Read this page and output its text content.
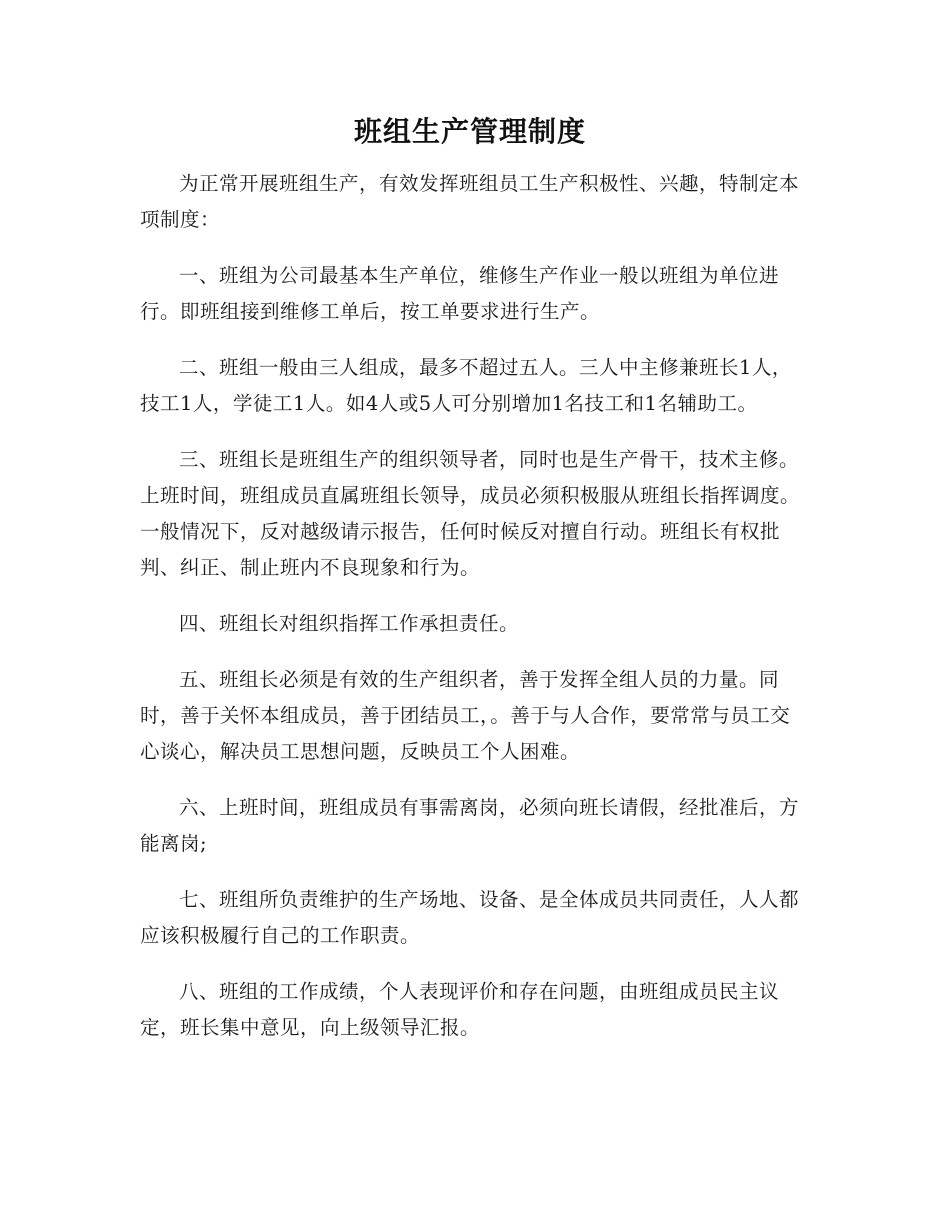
班组生产管理制度

为正常开展班组生产，有效发挥班组员工生产积极性、兴趣，特制定本项制度：

一、班组为公司最基本生产单位，维修生产作业一般以班组为单位进行。即班组接到维修工单后，按工单要求进行生产。

二、班组一般由三人组成，最多不超过五人。三人中主修兼班长1人，技工1人，学徒工1人。如4人或5人可分别增加1名技工和1名辅助工。

三、班组长是班组生产的组织领导者，同时也是生产骨干，技术主修。上班时间，班组成员直属班组长领导，成员必须积极服从班组长指挥调度。一般情况下，反对越级请示报告，任何时候反对擅自行动。班组长有权批判、纠正、制止班内不良现象和行为。

四、班组长对组织指挥工作承担责任。

五、班组长必须是有效的生产组织者，善于发挥全组人员的力量。同时，善于关怀本组成员，善于团结员工，。善于与人合作，要常常与员工交心谈心，解决员工思想问题，反映员工个人困难。

六、上班时间，班组成员有事需离岗，必须向班长请假，经批准后，方能离岗;

七、班组所负责维护的生产场地、设备、是全体成员共同责任，人人都应该积极履行自己的工作职责。

八、班组的工作成绩，个人表现评价和存在问题，由班组成员民主议定，班长集中意见，向上级领导汇报。
